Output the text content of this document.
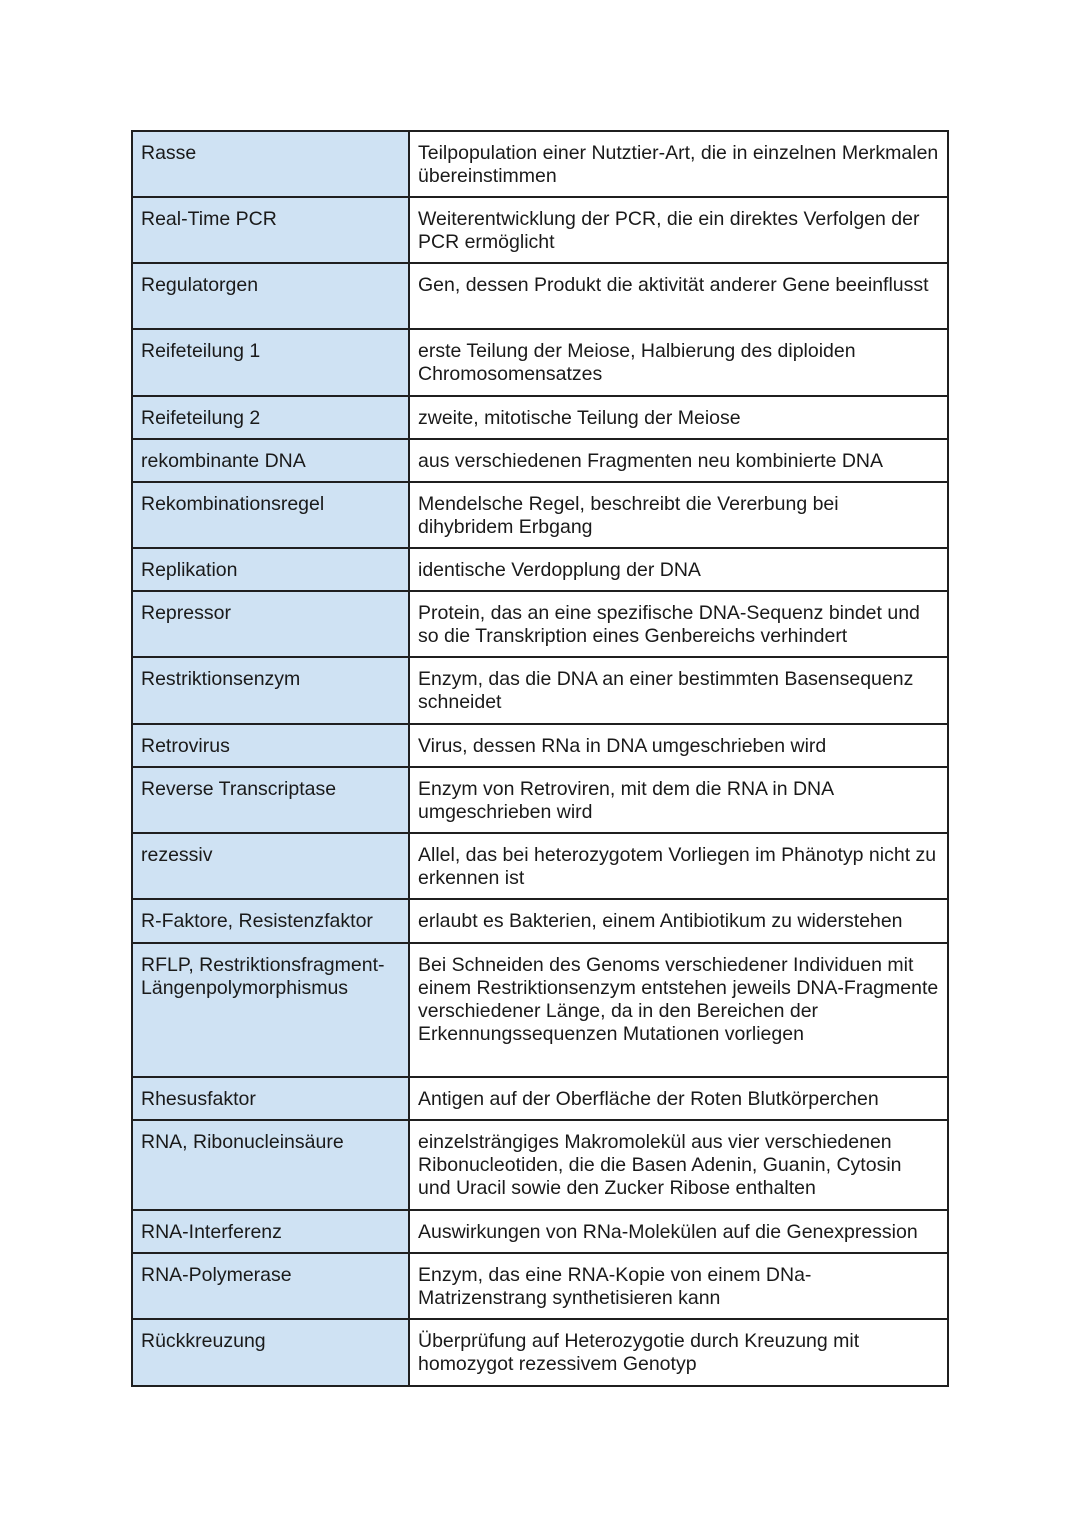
Rasse	Teilpopulation einer Nutztier-Art, die in einzelnen Merkmalen übereinstimmen
Real-Time PCR	Weiterentwicklung der PCR, die ein direktes Verfolgen der PCR ermöglicht
Regulatorgen	Gen, dessen Produkt die aktivität anderer Gene beeinflusst
Reifeteilung 1	erste Teilung der Meiose, Halbierung des diploiden Chromosomensatzes
Reifeteilung 2	zweite, mitotische Teilung der Meiose
rekombinante DNA	aus verschiedenen Fragmenten neu kombinierte DNA
Rekombinationsregel	Mendelsche Regel, beschreibt die Vererbung bei dihybridem Erbgang
Replikation	identische Verdopplung der DNA
Repressor	Protein, das an eine spezifische DNA-Sequenz bindet und so die Transkription eines Genbereichs verhindert
Restriktionsenzym	Enzym, das die DNA an einer bestimmten Basensequenz schneidet
Retrovirus	Virus, dessen RNa in DNA umgeschrieben wird
Reverse Transcriptase	Enzym von Retroviren, mit dem die RNA in DNA umgeschrieben wird
rezessiv	Allel, das bei heterozygotem Vorliegen im Phänotyp nicht zu erkennen ist
R-Faktore, Resistenzfaktor	erlaubt es Bakterien, einem Antibiotikum zu widerstehen
RFLP, Restriktionsfragment-Längenpolymorphismus	Bei Schneiden des Genoms verschiedener Individuen mit einem Restriktionsenzym entstehen jeweils DNA-Fragmente verschiedener Länge, da in den Bereichen der Erkennungssequenzen Mutationen vorliegen
Rhesusfaktor	Antigen auf der Oberfläche der Roten Blutkörperchen
RNA, Ribonucleinsäure	einzelsträngiges Makromolekül aus vier verschiedenen Ribonucleotiden, die die Basen Adenin, Guanin, Cytosin und Uracil sowie den Zucker Ribose enthalten
RNA-Interferenz	Auswirkungen von RNa-Molekülen auf die Genexpression
RNA-Polymerase	Enzym, das eine RNA-Kopie von einem DNa-Matrizenstrang synthetisieren kann
Rückkreuzung	Überprüfung auf Heterozygotie durch Kreuzung mit homozygot rezessivem Genotyp
